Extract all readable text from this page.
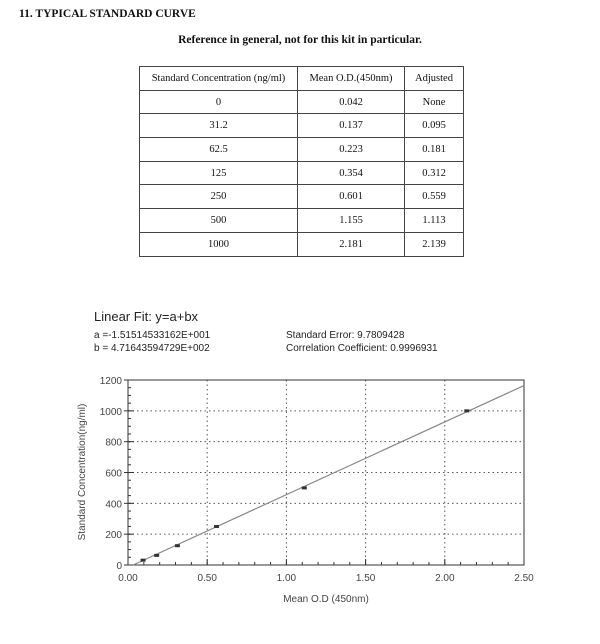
11. TYPICAL STANDARD CURVE
Reference in general, not for this kit in particular.
Standard Concentration (ng/ml)	Mean O.D.(450nm)	Adjusted
0	0.042	None
31.2	0.137	0.095
62.5	0.223	0.181
125	0.354	0.312
250	0.601	0.559
500	1.155	1.113
1000	2.181	2.139
Linear Fit: y=a+bx
a =-1.51514533162E+001
b = 4.71643594729E+002
Standard Error: 9.7809428
Correlation Coefficient: 0.9996931
0.00	0.50	1.00	1.50	2.00	2.50
0
200
400
600
800
1000
1200
Mean O.D (450nm)
Standard Concentration(ng/ml)
